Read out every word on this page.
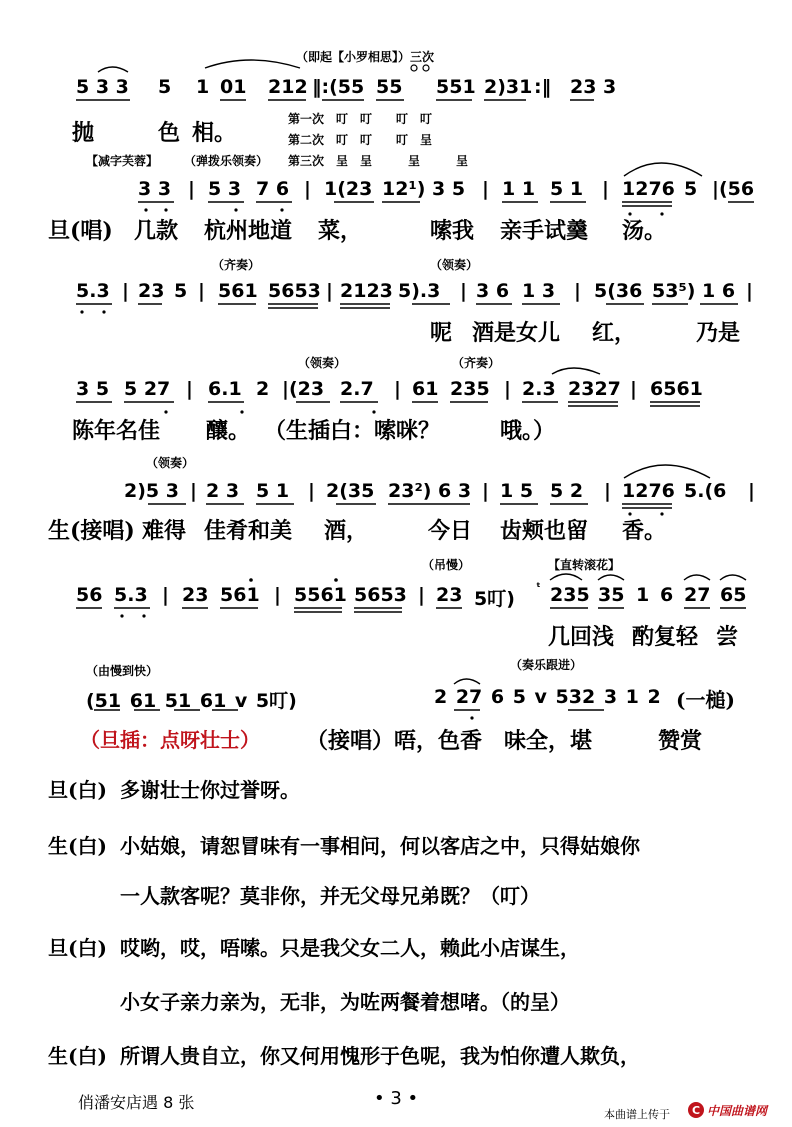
（即起【小罗相思】）三次
5 3 3 5 1 01 212 ‖:(55 55 551 2)31 :‖ 23 3
抛	色 相。
第一次　叮　叮　　叮　叮
第二次　叮　叮　　叮　呈
第三次　呈　呈　　　呈　　　呈
【减字芙蓉】 （弹拨乐领奏）
3 3 | 5 3 7 6 | 1(23 12¹) 3 5 | 1 1 5 1 | 1276 5 |(56
旦(唱) 几款 杭州地道 菜，	嗦我 亲手试羹 汤。
（齐奏）	（领奏）
5.3 | 23 5 | 561 5653 | 2123 5).3 | 3 6 1 3 | 5(36 53⁵) 1 6 |
呢 酒是女儿 红，	乃是
（领奏）	（齐奏）
3 5 5 27 | 6.1 2 |(23 2.7 | 61 235 | 2.3 2327 | 6561
陈年名佳 釀。 （生插白：嗦咪？	哦。）
（领奏）
2)5 3 | 2 3 5 1 | 2(35 23²) 6 3 | 1 5 5 2 | 1276 5.(6 |
生(接唱) 难得 佳肴和美 酒，	今日 齿颊也留 香。
（吊慢）	【直转滚花】
56 5.3 | 23 561 | 5561 5653 | 23 5叮)
ᵗ 235 35 1 6 27 65
几回浅 酌复轻 尝
（由慢到快）	（奏乐跟进）
(51 61 51 61 v 5叮)	2 27 6 5 v 532 3 1 2 (一槌)
（旦插：点呀壮士） （接唱）唔，色香　味全，堪　　　赞赏
旦(白) 多谢壮士你过誉呀。
生(白) 小姑娘，请恕冒味有一事相问，何以客店之中，只得姑娘你
一人款客呢？莫非你，并无父母兄弟既？（叮）
旦(白) 哎哟，哎，唔嗦。只是我父女二人，赖此小店谋生，
小女子亲力亲为，无非，为咗两餐着想啫。（的呈）
生(白) 所谓人贵自立，你又何用愧形于色呢，我为怕你遭人欺负，
俏潘安店遇 8 张	• 3 •
本曲谱上传于	C 中国曲谱网
